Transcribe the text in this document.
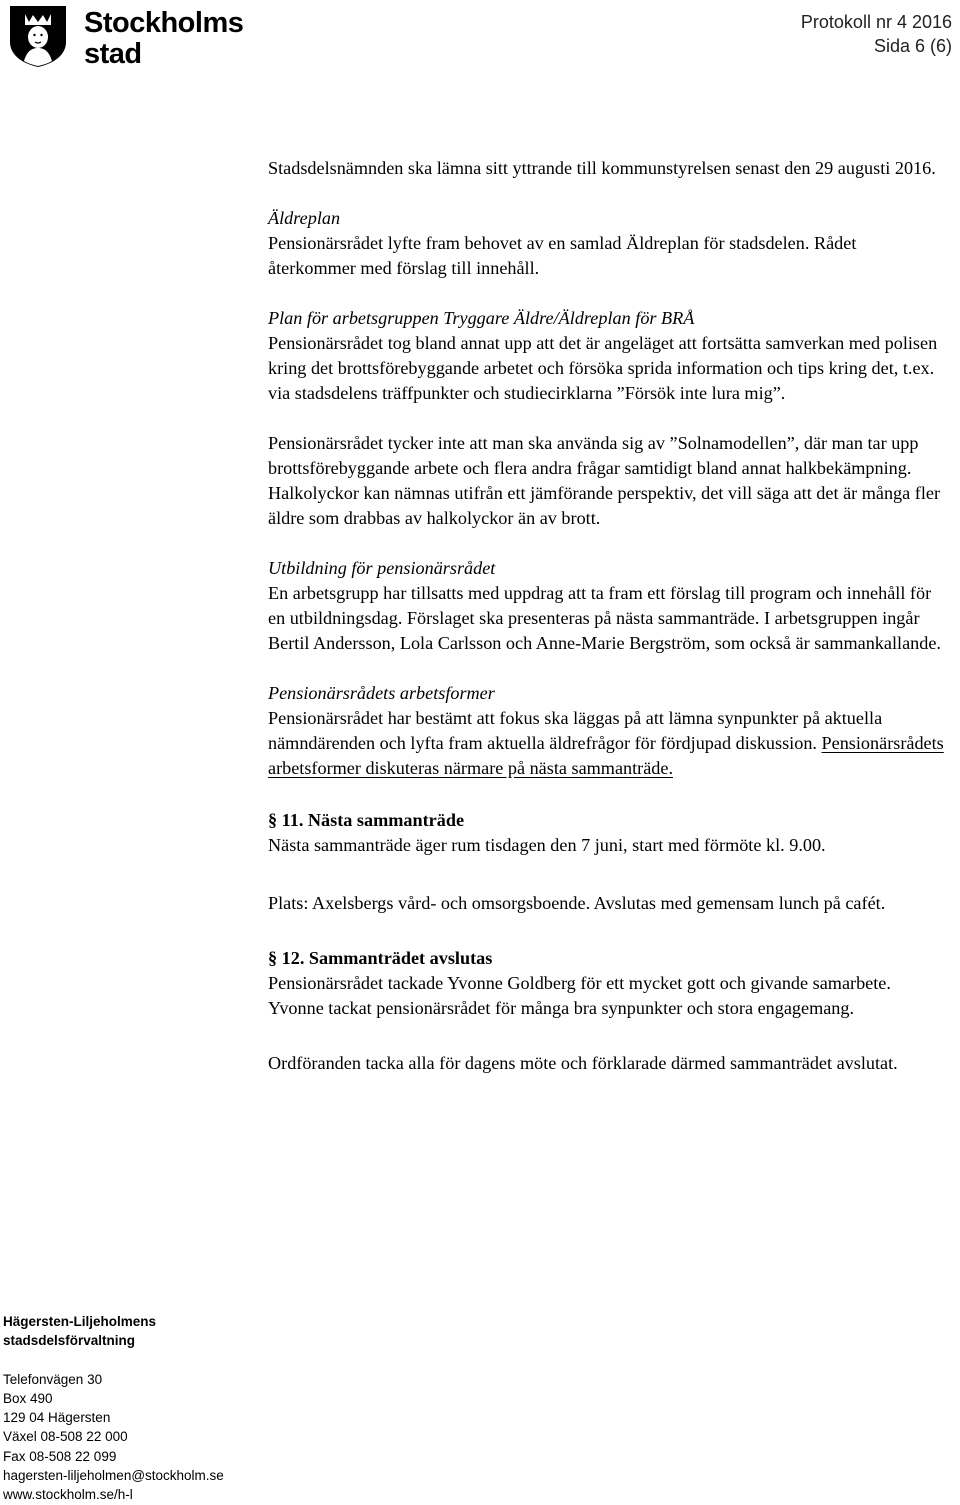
Stockholms
stad
Protokoll nr 4 2016
Sida 6 (6)

Stadsdelsnämnden ska lämna sitt yttrande till kommunstyrelsen senast den 29 augusti 2016.

Äldreplan

Pensionärsrådet lyfte fram behovet av en samlad Äldreplan för stadsdelen. Rådet återkommer med förslag till innehåll.

Plan för arbetsgruppen Tryggare Äldre/Äldreplan för BRÅ

Pensionärsrådet tog bland annat upp att det är angeläget att fortsätta samverkan med polisen kring det brottsförebyggande arbetet och försöka sprida information och tips kring det, t.ex. via stadsdelens träffpunkter och studiecirklarna ”Försök inte lura mig”.

Pensionärsrådet tycker inte att man ska använda sig av ”Solnamodellen”, där man tar upp brottsförebyggande arbete och flera andra frågar samtidigt bland annat halkbekämpning. Halkolyckor kan nämnas utifrån ett jämförande perspektiv, det vill säga att det är många fler äldre som drabbas av halkolyckor än av brott.

Utbildning för pensionärsrådet

En arbetsgrupp har tillsatts med uppdrag att ta fram ett förslag till program och innehåll för en utbildningsdag. Förslaget ska presenteras på nästa sammanträde. I arbetsgruppen ingår Bertil Andersson, Lola Carlsson och Anne-Marie Bergström, som också är sammankallande.

Pensionärsrådets arbetsformer

Pensionärsrådet har bestämt att fokus ska läggas på att lämna synpunkter på aktuella nämndärenden och lyfta fram aktuella äldrefrågor för fördjupad diskussion. Pensionärsrådets arbetsformer diskuteras närmare på nästa sammanträde.

§ 11. Nästa sammanträde

Nästa sammanträde äger rum tisdagen den 7 juni, start med förmöte kl. 9.00.

Plats: Axelsbergs vård- och omsorgsboende. Avslutas med gemensam lunch på cafét.

§ 12. Sammanträdet avslutas

Pensionärsrådet tackade Yvonne Goldberg för ett mycket gott och givande samarbete. Yvonne tackat pensionärsrådet för många bra synpunkter och stora engagemang.

Ordföranden tacka alla för dagens möte och förklarade därmed sammanträdet avslutat.

Hägersten-Liljeholmens
stadsdelsförvaltning
Telefonvägen 30
Box 490
129 04 Hägersten
Växel 08-508 22 000
Fax 08-508 22 099
hagersten-liljeholmen@stockholm.se
www.stockholm.se/h-l
